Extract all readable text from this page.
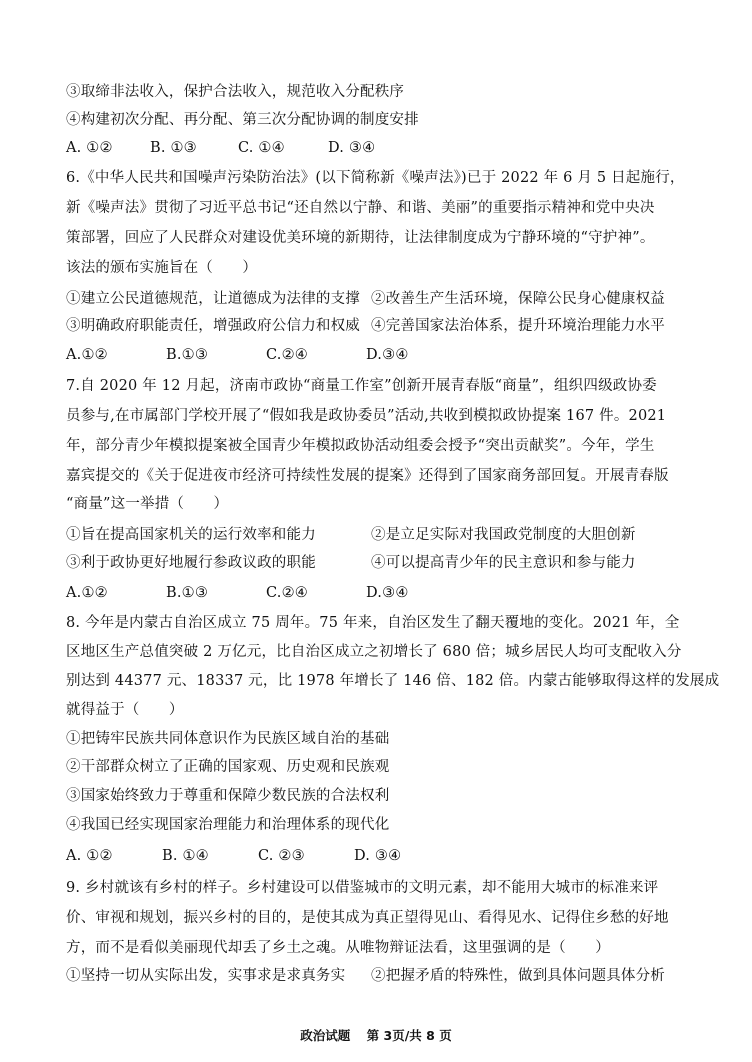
③取缔非法收入，保护合法收入，规范收入分配秩序
④构建初次分配、再分配、第三次分配协调的制度安排
A. ①②	B. ①③	C. ①④	D. ③④
6.《中华人民共和国噪声污染防治法》(以下简称新《噪声法》)已于 2022 年 6 月 5 日起施行，
新《噪声法》贯彻了习近平总书记“还自然以宁静、和谐、美丽”的重要指示精神和党中央决
策部署，回应了人民群众对建设优美环境的新期待，让法律制度成为宁静环境的“守护神”。
该法的颁布实施旨在（　　）
①建立公民道德规范，让道德成为法律的支撑 ②改善生产生活环境，保障公民身心健康权益
③明确政府职能责任，增强政府公信力和权威 ④完善国家法治体系，提升环境治理能力水平
A.①②	B.①③	C.②④	D.③④
7.自 2020 年 12 月起，济南市政协“商量工作室”创新开展青春版“商量”，组织四级政协委
员参与,在市属部门学校开展了“假如我是政协委员”活动,共收到模拟政协提案 167 件。2021
年，部分青少年模拟提案被全国青少年模拟政协活动组委会授予“突出贡献奖”。今年，学生
嘉宾提交的《关于促进夜市经济可持续性发展的提案》还得到了国家商务部回复。开展青春版
“商量”这一举措（　　）
①旨在提高国家机关的运行效率和能力	②是立足实际对我国政党制度的大胆创新
③利于政协更好地履行参政议政的职能	④可以提高青少年的民主意识和参与能力
A.①②	B.①③	C.②④	D.③④
8. 今年是内蒙古自治区成立 75 周年。75 年来，自治区发生了翻天覆地的变化。2021 年，全
区地区生产总值突破 2 万亿元，比自治区成立之初增长了 680 倍；城乡居民人均可支配收入分
别达到 44377 元、18337 元，比 1978 年增长了 146 倍、182 倍。内蒙古能够取得这样的发展成
就得益于（　　）
①把铸牢民族共同体意识作为民族区域自治的基础
②干部群众树立了正确的国家观、历史观和民族观
③国家始终致力于尊重和保障少数民族的合法权利
④我国已经实现国家治理能力和治理体系的现代化
A. ①②	B. ①④	C. ②③	D. ③④
9. 乡村就该有乡村的样子。乡村建设可以借鉴城市的文明元素，却不能用大城市的标准来评
价、审视和规划，振兴乡村的目的，是使其成为真正望得见山、看得见水、记得住乡愁的好地
方，而不是看似美丽现代却丢了乡土之魂。从唯物辩证法看，这里强调的是（　　）
①坚持一切从实际出发，实事求是求真务实	②把握矛盾的特殊性，做到具体问题具体分析
政治试题 第 3页/共 8 页
